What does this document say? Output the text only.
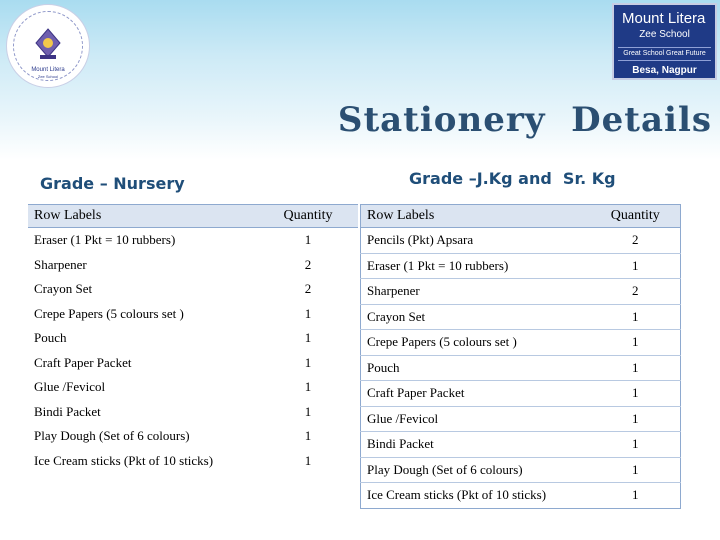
Mount Litera
Zee School
Mount Litera
Zee School
Great School Great Future
Besa, Nagpur
Stationery  Details
Grade – Nursery	Grade –J.Kg and  Sr. Kg
Row Labels	Quantity
Eraser (1 Pkt = 10 rubbers)	1
Sharpener	2
Crayon Set	2
Crepe Papers (5 colours set )	1
Pouch	1
Craft Paper Packet	1
Glue /Fevicol	1
Bindi Packet	1
Play Dough (Set of 6 colours)	1
Ice Cream sticks (Pkt of 10 sticks)	1
Row Labels	Quantity
Pencils (Pkt) Apsara	2
Eraser (1 Pkt = 10 rubbers)	1
Sharpener	2
Crayon Set	1
Crepe Papers (5 colours set )	1
Pouch	1
Craft Paper Packet	1
Glue /Fevicol	1
Bindi Packet	1
Play Dough (Set of 6 colours)	1
Ice Cream sticks (Pkt of 10 sticks)	1
